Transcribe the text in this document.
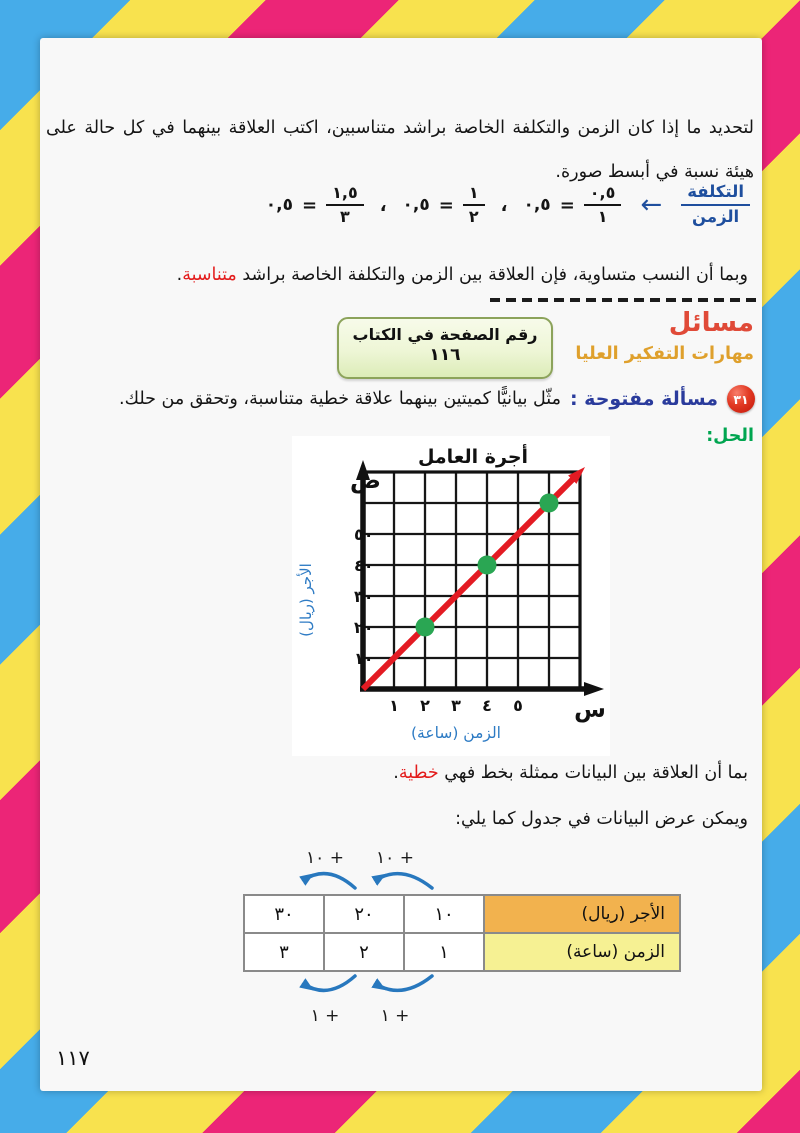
لتحديد ما إذا كان الزمن والتكلفة الخاصة براشد متناسبين، اكتب العلاقة بينهما في كل حالة على هيئة نسبة في أبسط صورة.

$\frac{\text{التكلفة}}{\text{الزمن}}$
←
$\frac{٠,٥}{١}$
=
٠,٥
،
$\frac{١}{٢}$
=
٠,٥
،
$\frac{١,٥}{٣}$
=
٠,٥
وبما أن النسب متساوية، فإن العلاقة بين الزمن والتكلفة الخاصة براشد متناسبة.
مسائل
مهارات التفكير العليا
رقم الصفحة في الكتاب
١١٦
٣١
مسألة مفتوحة :
مثّل بيانيًّا كميتين بينهما علاقة خطية متناسبة، وتحقق من حلك.
الحل:
أجرة العامل
ص
س
١٠
٢٠
٣٠
٤٠
٥٠
١ ٢ ٣ ٤ ٥
الأجر (ريال)
الزمن (ساعة)
بما أن العلاقة بين البيانات ممثلة بخط فهي خطية.
ويمكن عرض البيانات في جدول كما يلي:
١٠ + ١٠ +
الأجر (ريال)	١٠	٢٠	٣٠
الزمن (ساعة)	١	٢	٣
١ + ١ +
١١٧
